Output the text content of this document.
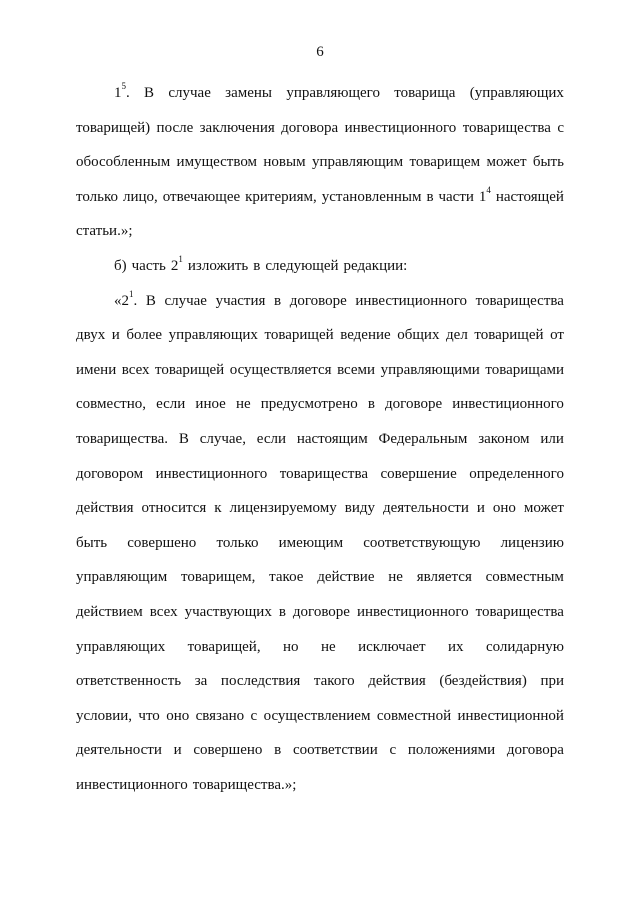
6
$1^5$. В случае замены управляющего товарища (управляющих
товарищей) после заключения договора инвестиционного товарищества с
обособленным имуществом новым управляющим товарищем может быть
только лицо, отвечающее критериям, установленным в части $1^4$ настоящей
статьи.»;
б) часть $2^1$ изложить в следующей редакции:
«$2^1$. В случае участия в договоре инвестиционного товарищества
двух и более управляющих товарищей ведение общих дел товарищей от
имени всех товарищей осуществляется всеми управляющими товарищами
совместно, если иное не предусмотрено в договоре инвестиционного
товарищества. В случае, если настоящим Федеральным законом или
договором инвестиционного товарищества совершение определенного
действия относится к лицензируемому виду деятельности и оно может
быть совершено только имеющим соответствующую лицензию
управляющим товарищем, такое действие не является совместным
действием всех участвующих в договоре инвестиционного товарищества
управляющих товарищей, но не исключает их солидарную
ответственность за последствия такого действия (бездействия) при
условии, что оно связано с осуществлением совместной инвестиционной
деятельности и совершено в соответствии с положениями договора
инвестиционного товарищества.»;
